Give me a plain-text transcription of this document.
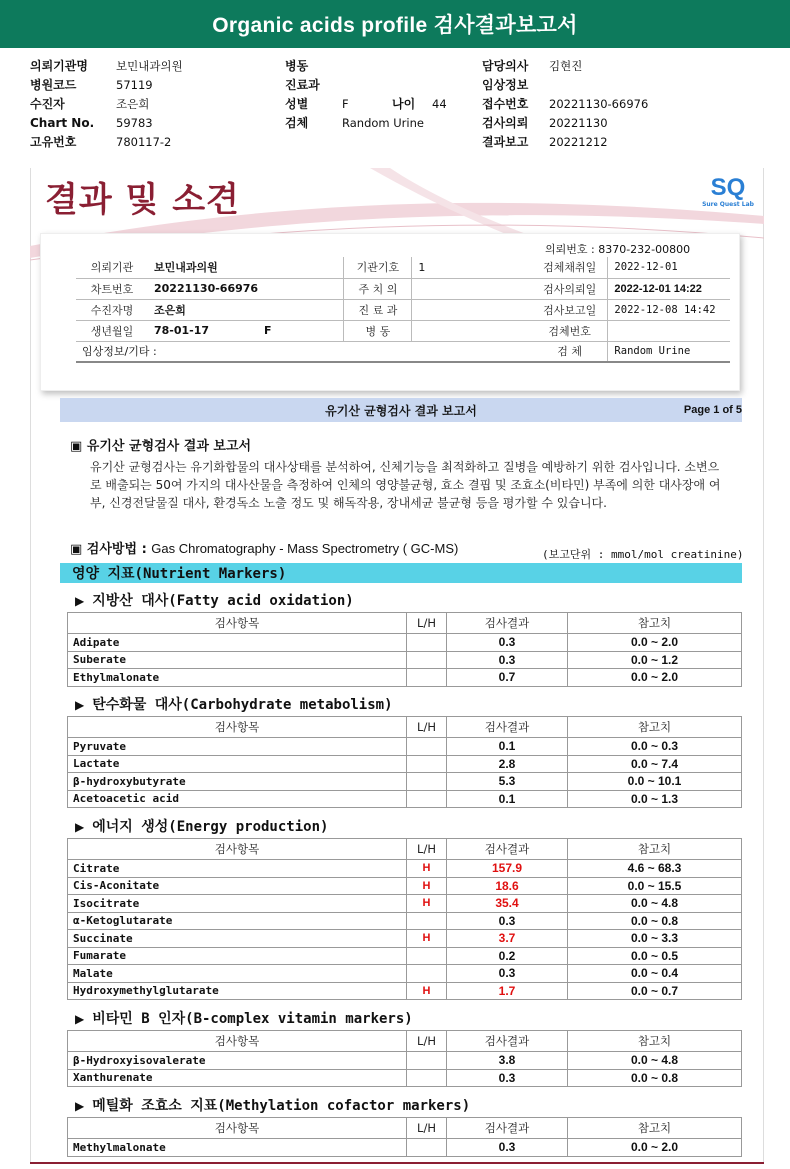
Organic acids profile 검사결과보고서
의뢰기관명	보민내과의원
병원코드	57119
수진자	조은희
Chart No.	59783
고유번호	780117-2
병동
진료과
성별	F	나이	44
검체	Random Urine
담당의사	김현진
임상정보
접수번호	20221130-66976
검사의뢰	20221130
결과보고	20221212
결과 및 소견	SQ
Sure Quest Lab
의뢰번호 : 8370-232-00800
의뢰기관	보민내과의원		기관기호	1	검체채취일	2022-12-01
차트번호	20221130-66976		주 치 의		검사의뢰일	2022-12-01 14:22
수진자명	조은희		진 료 과		검사보고일	2022-12-08 14:42
생년월일	78-01-17	F	병 동		검체번호	
임상정보/기타 :					검 체	Random Urine
유기산 균형검사 결과 보고서	Page 1 of 5
▣ 유기산 균형검사 결과 보고서
유기산 균형검사는 유기화합물의 대사상태를 분석하여, 신체기능을 최적화하고 질병을 예방하기 위한 검사입니다. 소변으로 배출되는 50여 가지의 대사산물을 측정하여 인체의 영양불균형, 효소 결핍 및 조효소(비타민) 부족에 의한 대사장애 여부, 신경전달물질 대사, 환경독소 노출 정도 및 해독작용, 장내세균 불균형 등을 평가할 수 있습니다.
▣ 검사방법 : Gas Chromatography - Mass Spectrometry ( GC-MS)	(보고단위 : mmol/mol creatinine)
영양 지표(Nutrient Markers)
▶ 지방산 대사(Fatty acid oxidation)
검사항목	L/H	검사결과	참고치
Adipate		0.3	0.0 ~ 2.0
Suberate		0.3	0.0 ~ 1.2
Ethylmalonate		0.7	0.0 ~ 2.0
▶ 탄수화물 대사(Carbohydrate metabolism)
검사항목	L/H	검사결과	참고치
Pyruvate		0.1	0.0 ~ 0.3
Lactate		2.8	0.0 ~ 7.4
β-hydroxybutyrate		5.3	0.0 ~ 10.1
Acetoacetic acid		0.1	0.0 ~ 1.3
▶ 에너지 생성(Energy production)
검사항목	L/H	검사결과	참고치
Citrate	H	157.9	4.6 ~ 68.3
Cis-Aconitate	H	18.6	0.0 ~ 15.5
Isocitrate	H	35.4	0.0 ~ 4.8
α-Ketoglutarate		0.3	0.0 ~ 0.8
Succinate	H	3.7	0.0 ~ 3.3
Fumarate		0.2	0.0 ~ 0.5
Malate		0.3	0.0 ~ 0.4
Hydroxymethylglutarate	H	1.7	0.0 ~ 0.7
▶ 비타민 B 인자(B-complex vitamin markers)
검사항목	L/H	검사결과	참고치
β-Hydroxyisovalerate		3.8	0.0 ~ 4.8
Xanthurenate		0.3	0.0 ~ 0.8
▶ 메틸화 조효소 지표(Methylation cofactor markers)
검사항목	L/H	검사결과	참고치
Methylmalonate		0.3	0.0 ~ 2.0
